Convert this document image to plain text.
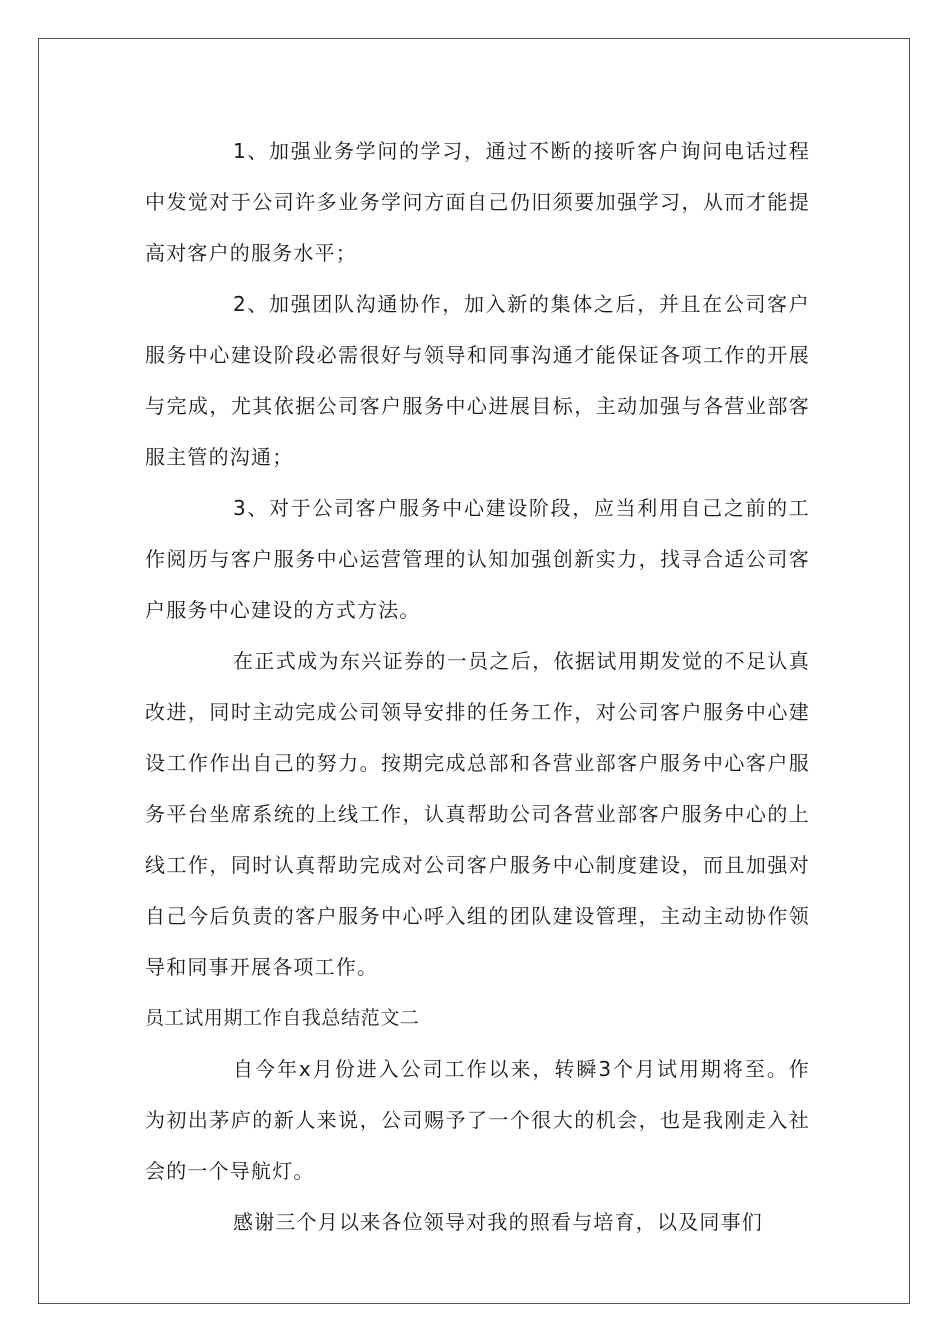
1、加强业务学问的学习，通过不断的接听客户询问电话过程中发觉对于公司许多业务学问方面自己仍旧须要加强学习，从而才能提高对客户的服务水平；

2、加强团队沟通协作，加入新的集体之后，并且在公司客户服务中心建设阶段必需很好与领导和同事沟通才能保证各项工作的开展与完成，尤其依据公司客户服务中心进展目标，主动加强与各营业部客服主管的沟通；

3、对于公司客户服务中心建设阶段，应当利用自己之前的工作阅历与客户服务中心运营管理的认知加强创新实力，找寻合适公司客户服务中心建设的方式方法。

在正式成为东兴证券的一员之后，依据试用期发觉的不足认真改进，同时主动完成公司领导安排的任务工作，对公司客户服务中心建设工作作出自己的努力。按期完成总部和各营业部客户服务中心客户服务平台坐席系统的上线工作，认真帮助公司各营业部客户服务中心的上线工作，同时认真帮助完成对公司客户服务中心制度建设，而且加强对自己今后负责的客户服务中心呼入组的团队建设管理，主动主动协作领导和同事开展各项工作。

员工试用期工作自我总结范文二

自今年x月份进入公司工作以来，转瞬3个月试用期将至。作为初出茅庐的新人来说，公司赐予了一个很大的机会，也是我刚走入社会的一个导航灯。

感谢三个月以来各位领导对我的照看与培育，以及同事们
